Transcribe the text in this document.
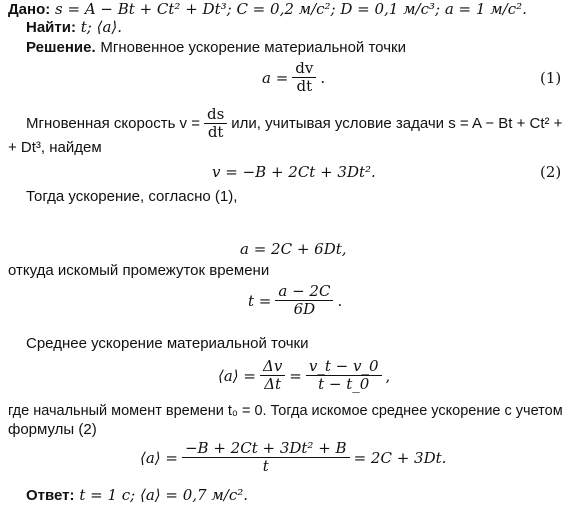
Дано: s = A − Bt + Ct² + Dt³; C = 0,2 м/с²; D = 0,1 м/с³; a = 1 м/с².
Найти: t; ⟨a⟩.
Решение. Мгновенное ускорение материальной точки
$a = \frac{dv}{dt}$ .	(1)
Мгновенная скорость $v = \frac{ds}{dt}$ или, учитывая условие задачи s = A − Bt + Ct² +
+ Dt³, найдем
v = −B + 2Ct + 3Dt².	(2)
Тогда ускорение, согласно (1),
a = 2C + 6Dt,
откуда искомый промежуток времени
$t = \frac{a - 2C}{6D}$ .
Среднее ускорение материальной точки
⟨a⟩ = $\frac{\Delta v}{\Delta t} = \frac{v\_t - v\_0}{t - t\_0}$ ,
где начальный момент времени t₀ = 0. Тогда искомое среднее ускорение с учетом
формулы (2)
⟨a⟩ = $\frac{\text{−B + 2Ct + 3Dt² + B}}{t} = 2C + 3Dt$.
Ответ: t = 1 с; ⟨a⟩ = 0,7 м/с².
